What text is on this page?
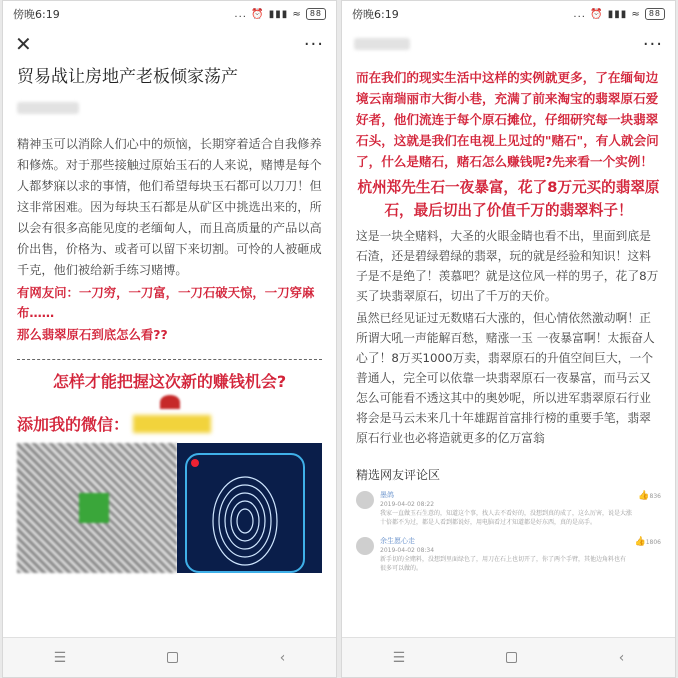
傍晚6:19	... ⏰ ▮▮▮ ≈	88
✕	···
贸易战让房地产老板倾家荡产

精神玉可以消除人们心中的烦恼，长期穿着适合自我修养和修炼。对于那些接触过原始玉石的人来说，赌博是每个人都梦寐以求的事情，他们希望每块玉石都可以刀刀！但这非常困难。因为每块玉石都是从矿区中挑选出来的，所以会有很多高能见度的老缅甸人，而且高质量的产品以高价出售，价格为、或者可以留下来切割。可怜的人被砸成千克，他们被给新手练习赌博。

有网友问：一刀穷，一刀富，一刀石破天惊，一刀穿麻布……

那么翡翠原石到底怎么看??

怎样才能把握这次新的赚钱机会?

添加我的微信：
☰	‹
傍晚6:19	... ⏰ ▮▮▮ ≈	88
···

而在我们的现实生活中这样的实例就更多，了在缅甸边境云南瑞丽市大街小巷，充满了前来淘宝的翡翠原石爱好者，他们流连于每个原石摊位，仔细研究每一块翡翠石头，这就是我们在电视上见过的"赌石"，有人就会问了，什么是赌石，赌石怎么赚钱呢?先来看一个实例！

杭州郑先生石一夜暴富，花了8万元买的翡翠原石，最后切出了价值千万的翡翠料子！

这是一块全赌料，大圣的火眼金睛也看不出，里面到底是石渣，还是碧绿碧绿的翡翠，玩的就是经验和知识！这料子是不是绝了！羡慕吧？就是这位风一样的男子，花了8万买了块翡翠原石，切出了千万的天价。

虽然已经见证过无数赌石大涨的，但心情依然激动啊！正所谓大吼一声能解百愁，赌涨一玉 一夜暴富啊！太振奋人心了！8万买1000万卖，翡翠原石的升值空间巨大，一个普通人，完全可以依靠一块翡翠原石一夜暴富，而马云又怎么可能看不透这其中的奥妙呢，所以进军翡翠原石行业将会是马云未来几十年雄踞首富排行榜的重要手笔，翡翠原石行业也必将造就更多的亿万富翁

精选网友评论区

墨鸽
2019-04-02 08:22
我家一直做玉石生意的，知道这个事，找人去不看好的，没想到真的成了，这么厉害，说是大涨十倍都不为过，都是人看到都说好，用电脑看过才知道都是好东西，真的是高手。
👍836
余生愿心走
2019-04-02 08:34
新手切的全赌料，没想到里面绿色了，用刀在石上也切开了，你了两个手臂，其他边角料也有很多可以做的。
👍1806
☰	‹
